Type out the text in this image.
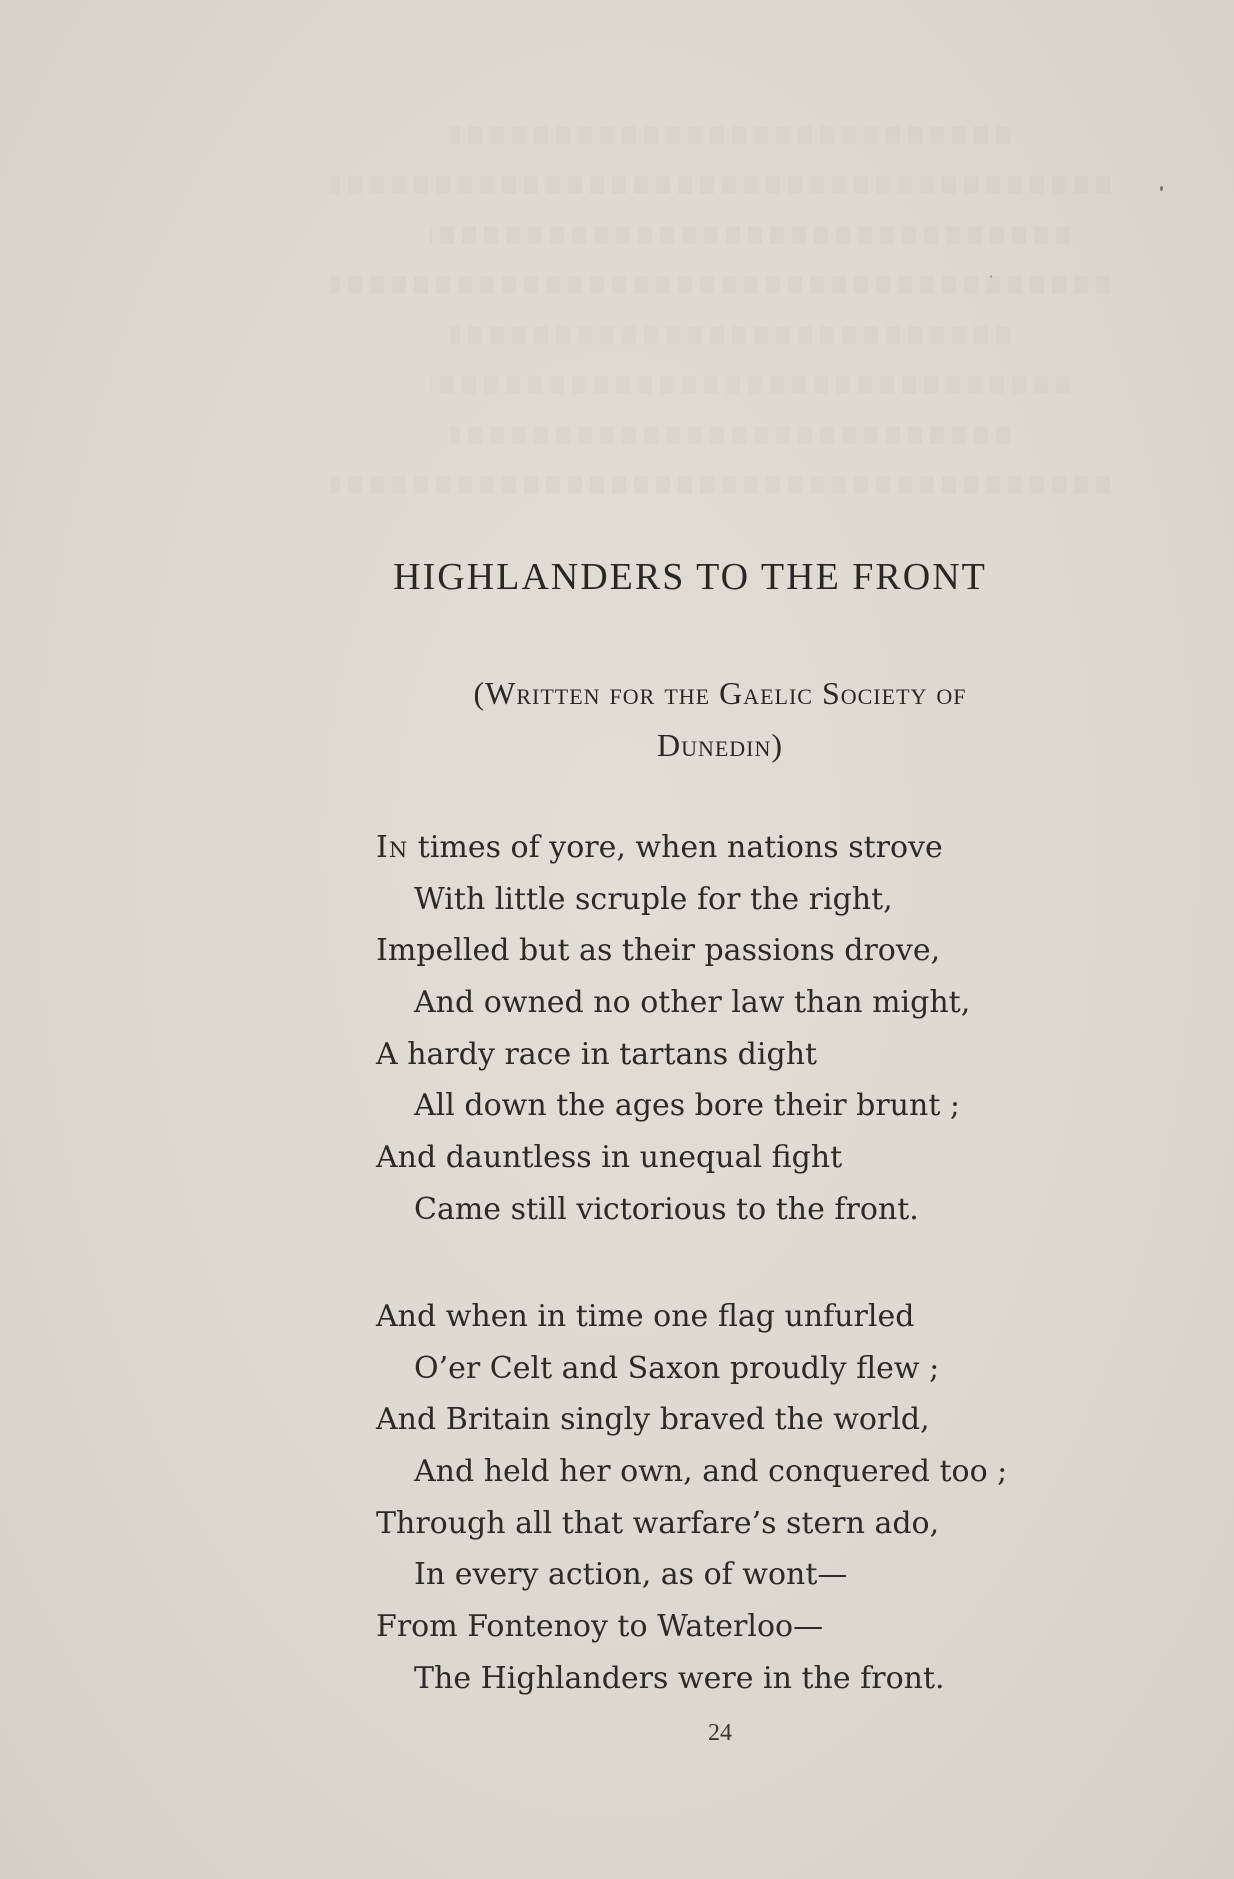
HIGHLANDERS TO THE FRONT
(Written for the Gaelic Society of
Dunedin)
In times of yore, when nations strove
With little scruple for the right,
Impelled but as their passions drove,
And owned no other law than might,
A hardy race in tartans dight
All down the ages bore their brunt ;
And dauntless in unequal fight
Came still victorious to the front.
And when in time one flag unfurled
O’er Celt and Saxon proudly flew ;
And Britain singly braved the world,
And held her own, and conquered too ;
Through all that warfare’s stern ado,
In every action, as of wont—
From Fontenoy to Waterloo—
The Highlanders were in the front.
24
